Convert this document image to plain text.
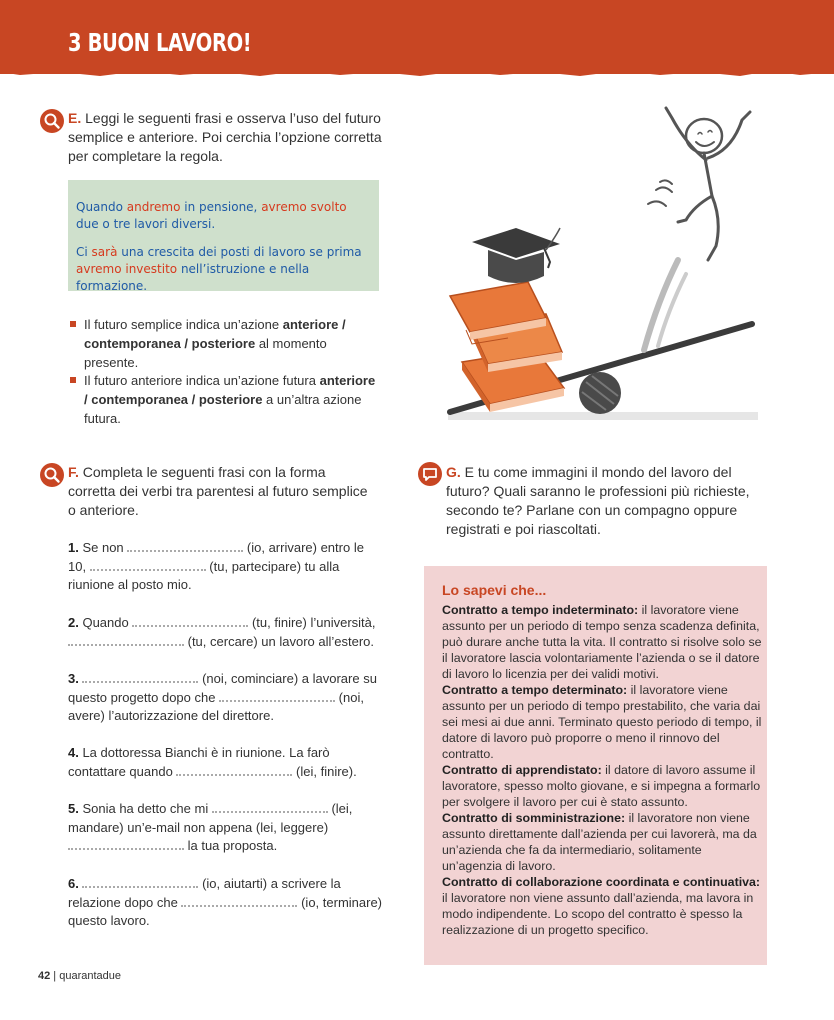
3 BUON LAVORO!
E. Leggi le seguenti frasi e osserva l’uso del futuro semplice e anteriore. Poi cerchia l’opzione corretta per completare la regola.

Quando andremo in pensione, avremo svolto due o tre lavori diversi.

Ci sarà una crescita dei posti di lavoro se prima avremo investito nell’istruzione e nella formazione.

Il futuro semplice indica un’azione anteriore / contemporanea / posteriore al momento presente.
Il futuro anteriore indica un’azione futura anteriore / contemporanea / posteriore a un’altra azione futura.
F. Completa le seguenti frasi con la forma corretta dei verbi tra parentesi al futuro semplice o anteriore.
1. Se non	(io, arrivare) entro le 10,	(tu, partecipare) tu alla riunione al posto mio.
2. Quando	(tu, finire) l’università,  (tu, cercare) un lavoro all’estero.
3.	(noi, cominciare) a lavorare su questo progetto dopo che	(noi, avere) l’autorizzazione del direttore.
4. La dottoressa Bianchi è in riunione. La farò contattare quando	(lei, finire).
5. Sonia ha detto che mi	(lei, mandare) un’e-mail non appena (lei, leggere)  la tua proposta.
6.	(io, aiutarti) a scrivere la relazione dopo che	(io, terminare) questo lavoro.
G. E tu come immagini il mondo del lavoro del futuro? Quali saranno le professioni più richieste, secondo te? Parlane con un compagno oppure registrati e poi riascoltati.
Lo sapevi che...
Contratto a tempo indeterminato: il lavoratore viene assunto per un periodo di tempo senza scadenza definita, può durare anche tutta la vita. Il contratto si risolve solo se il lavoratore lascia volontariamente l’azienda o se il datore di lavoro lo licenzia per dei validi motivi.
Contratto a tempo determinato: il lavoratore viene assunto per un periodo di tempo prestabilito, che varia dai sei mesi ai due anni. Terminato questo periodo di tempo, il datore di lavoro può proporre o meno il rinnovo del contratto.
Contratto di apprendistato: il datore di lavoro assume il lavoratore, spesso molto giovane, e si impegna a formarlo per svolgere il lavoro per cui è stato assunto.
Contratto di somministrazione: il lavoratore non viene assunto direttamente dall’azienda per cui lavorerà, ma da un’azienda che fa da intermediario, solitamente un’agenzia di lavoro.
Contratto di collaborazione coordinata e continuativa: il lavoratore non viene assunto dall’azienda, ma lavora in modo indipendente. Lo scopo del contratto è spesso la realizzazione di un progetto specifico.
42 | quarantadue
